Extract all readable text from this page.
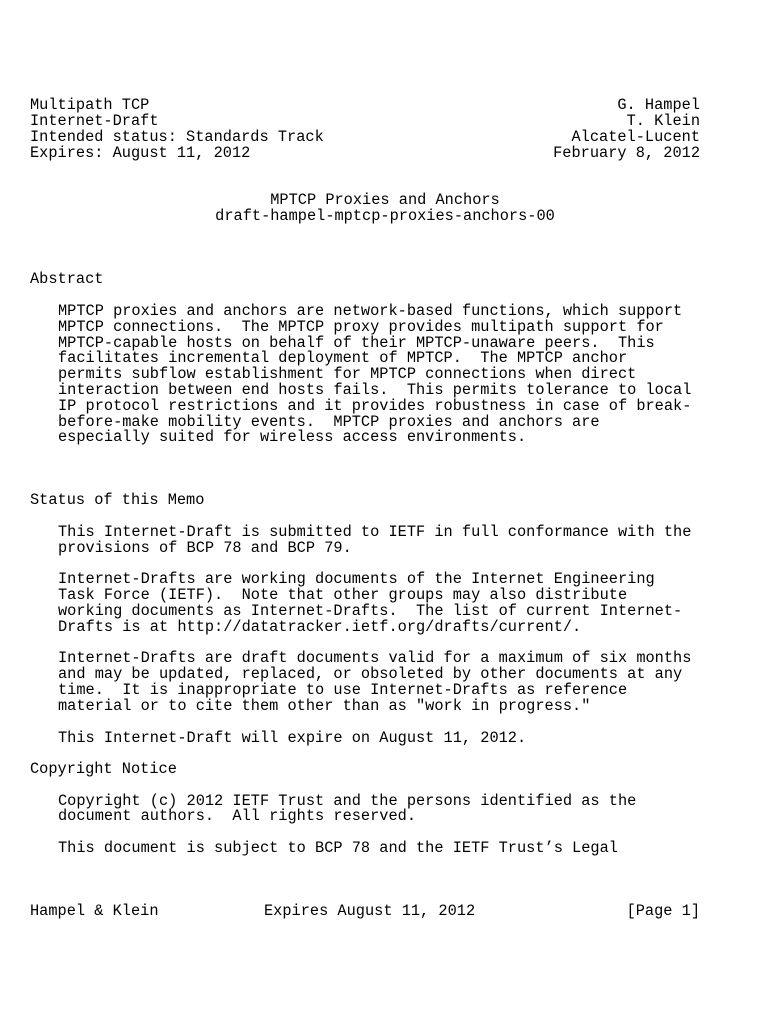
Multipath TCP	G. Hampel
Internet-Draft	T. Klein
Intended status: Standards Track	Alcatel-Lucent
Expires: August 11, 2012	February 8, 2012
MPTCP Proxies and Anchors
draft-hampel-mptcp-proxies-anchors-00
Abstract
MPTCP proxies and anchors are network-based functions, which support
MPTCP connections.  The MPTCP proxy provides multipath support for
MPTCP-capable hosts on behalf of their MPTCP-unaware peers.  This
facilitates incremental deployment of MPTCP.  The MPTCP anchor
permits subflow establishment for MPTCP connections when direct
interaction between end hosts fails.  This permits tolerance to local
IP protocol restrictions and it provides robustness in case of break-
before-make mobility events.  MPTCP proxies and anchors are
especially suited for wireless access environments.
Status of this Memo
This Internet-Draft is submitted to IETF in full conformance with the
provisions of BCP 78 and BCP 79.
Internet-Drafts are working documents of the Internet Engineering
Task Force (IETF).  Note that other groups may also distribute
working documents as Internet-Drafts.  The list of current Internet-
Drafts is at http://datatracker.ietf.org/drafts/current/.
Internet-Drafts are draft documents valid for a maximum of six months
and may be updated, replaced, or obsoleted by other documents at any
time.  It is inappropriate to use Internet-Drafts as reference
material or to cite them other than as "work in progress."
This Internet-Draft will expire on August 11, 2012.
Copyright Notice
Copyright (c) 2012 IETF Trust and the persons identified as the
document authors.  All rights reserved.
This document is subject to BCP 78 and the IETF Trust’s Legal
Hampel & Klein	Expires August 11, 2012	[Page 1]
